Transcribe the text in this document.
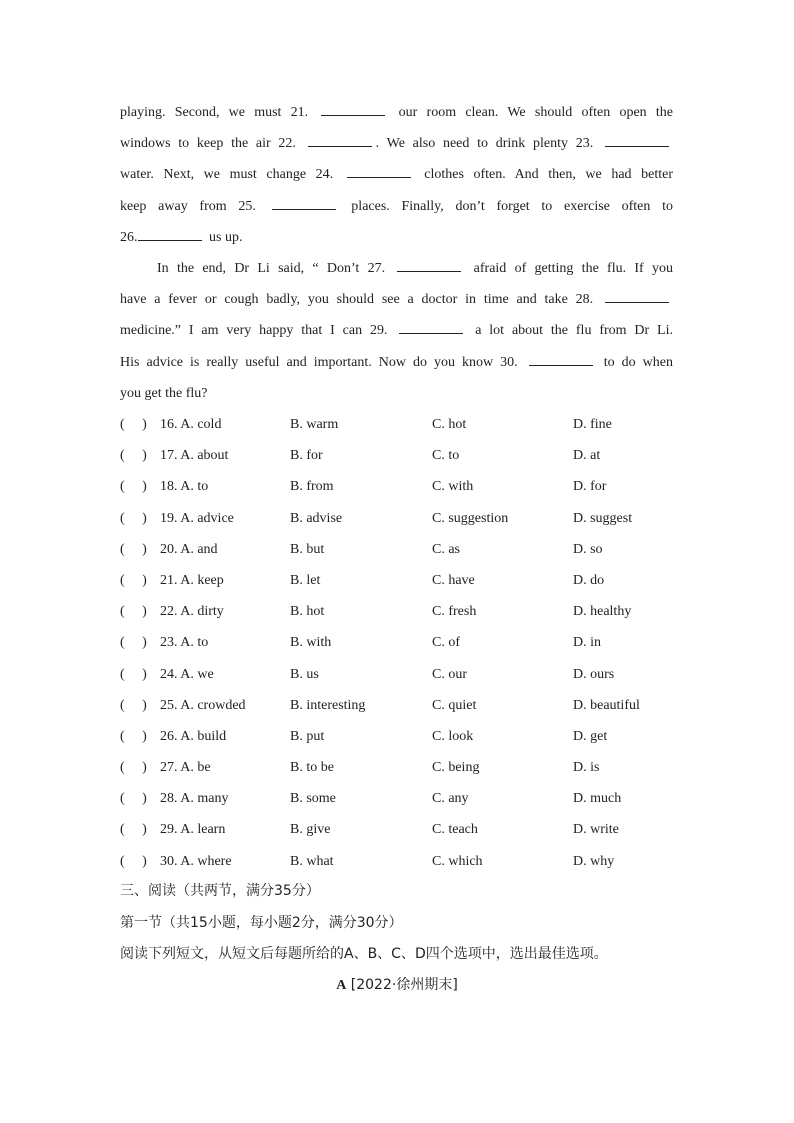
playing. Second, we must 21.	our room clean. We should often open the
windows to keep the air 22.	. We also need to drink plenty 23.
water. Next, we must change 24.	clothes often. And then, we had better
keep away from 25.	places. Finally, don’t forget to exercise often to
26.	us up.
In the end, Dr Li said, “ Don’t 27.	afraid of getting the flu. If you
have a fever or cough badly, you should see a doctor in time and take 28.
medicine.” I am very happy that I can 29.	a lot about the flu from Dr Li.
His advice is really useful and important. Now do you know 30.	to do when
you get the flu?
(　 ) 16. A. cold	B. warm	C. hot	D. fine
(　 ) 17. A. about	B. for	C. to	D. at
(　 ) 18. A. to	B. from	C. with	D. for
(　 ) 19. A. advice	B. advise	C. suggestion	D. suggest
(　 ) 20. A. and	B. but	C. as	D. so
(　 ) 21. A. keep	B. let	C. have	D. do
(　 ) 22. A. dirty	B. hot	C. fresh	D. healthy
(　 ) 23. A. to	B. with	C. of	D. in
(　 ) 24. A. we	B. us	C. our	D. ours
(　 ) 25. A. crowded	B. interesting	C. quiet	D. beautiful
(　 ) 26. A. build	B. put	C. look	D. get
(　 ) 27. A. be	B. to be	C. being	D. is
(　 ) 28. A. many	B. some	C. any	D. much
(　 ) 29. A. learn	B. give	C. teach	D. write
(　 ) 30. A. where	B. what	C. which	D. why
三、阅读（共两节，满分35分）
第一节（共15小题，每小题2分，满分30分）
阅读下列短文，从短文后每题所给的A、B、C、D四个选项中，选出最佳选项。
A [2022·徐州期末]
